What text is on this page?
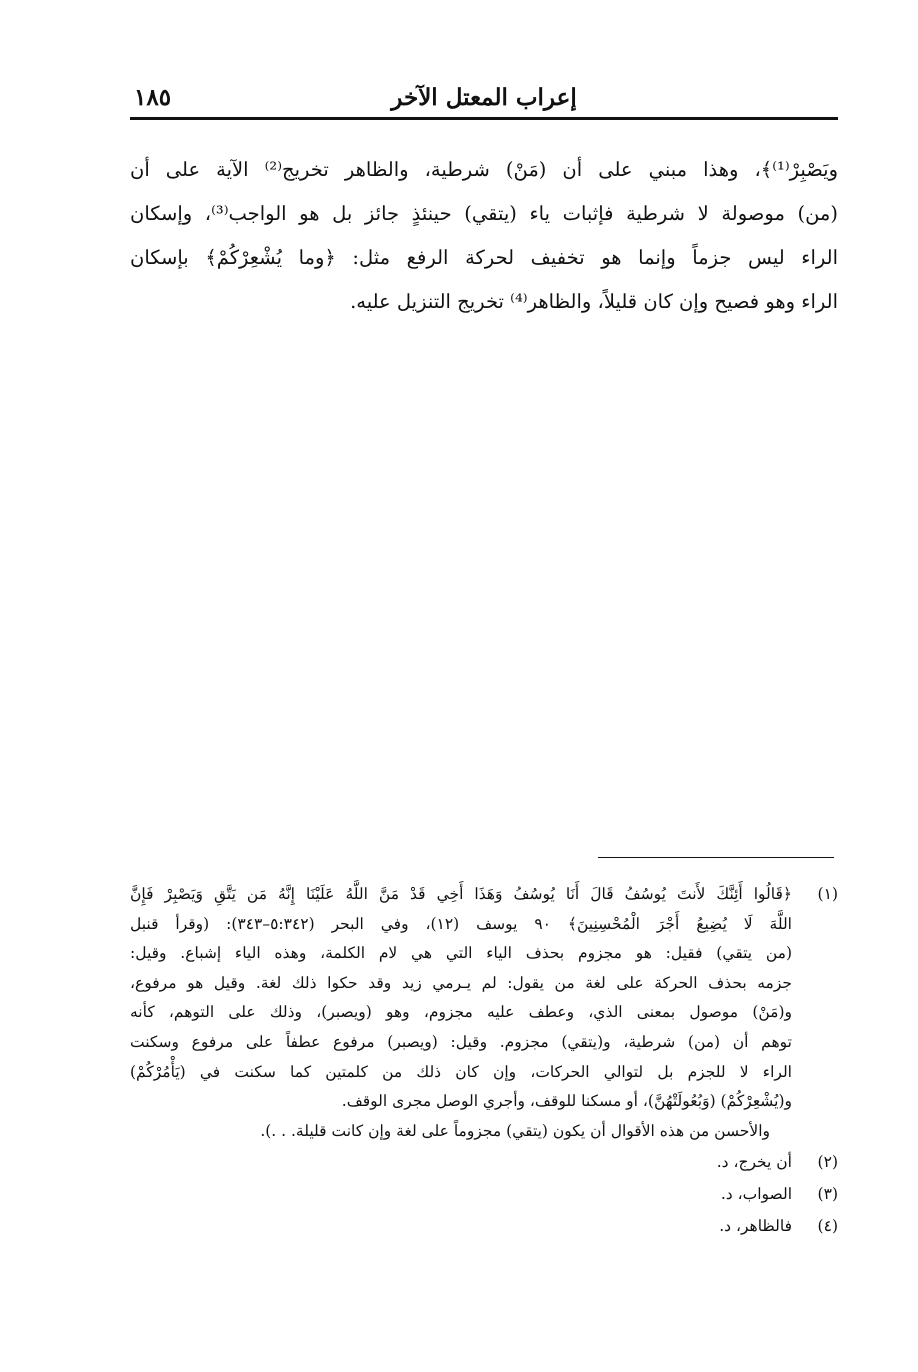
١٨٥	إعراب المعتل الآخر
ويَصْبِرْ⁽¹⁾﴾، وهذا مبني على أن (مَنْ) شرطية، والظاهر تخريج⁽²⁾ الآية على أن
(من) موصولة لا شرطية فإثبات ياء (يتقي) حينئذٍ جائز بل هو الواجب⁽³⁾، وإسكان
الراء ليس جزماً وإنما هو تخفيف لحركة الرفع مثل: ﴿وما يُشْعِرْكُمْ﴾ بإسكان
الراء وهو فصيح وإن كان قليلاً، والظاهر⁽⁴⁾ تخريج التنزيل عليه.
(١)
﴿قَالُوا أَئِنَّكَ لأَنتَ يُوسُفُ قَالَ أَنَا يُوسُفُ وَهَذَا أَخِي قَدْ مَنَّ اللَّهُ عَلَيْنَا إِنَّهُ مَن يَتَّقِ وَيَصْبِرْ فَإِنَّ
اللَّهَ لَا يُضِيعُ أَجْرَ الْمُحْسِنِينَ﴾ ٩٠ يوسف (١٢)، وفي البحر (٥:٣٤٢–٣٤٣): (وقرأ قنبل
(من يتقي) فقيل: هو مجزوم بحذف الياء التي هي لام الكلمة، وهذه الياء إشباع. وقيل:
جزمه بحذف الحركة على لغة من يقول: لم يـرمي زيد وقد حكوا ذلك لغة. وقيل هو مرفوع،
و(مَنْ) موصول بمعنى الذي، وعطف عليه مجزوم، وهو (ويصبر)، وذلك على التوهم، كأنه
توهم أن (من) شرطية، و(يتقي) مجزوم. وقيل: (ويصبر) مرفوع عطفاً على مرفوع وسكنت
الراء لا للجزم بل لتوالي الحركات، وإن كان ذلك من كلمتين كما سكنت في (يَأْمُرْكُمْ)
و(يُشْعِرْكُمْ) (وَبُعُولَتْهُنَّ)، أو مسكنا للوقف، وأجري الوصل مجرى الوقف.
والأحسن من هذه الأقوال أن يكون (يتقي) مجزوماً على لغة وإن كانت قليلة. . .).
(٢)
أن يخرج، د.
(٣)
الصواب، د.
(٤)
فالظاهر، د.
